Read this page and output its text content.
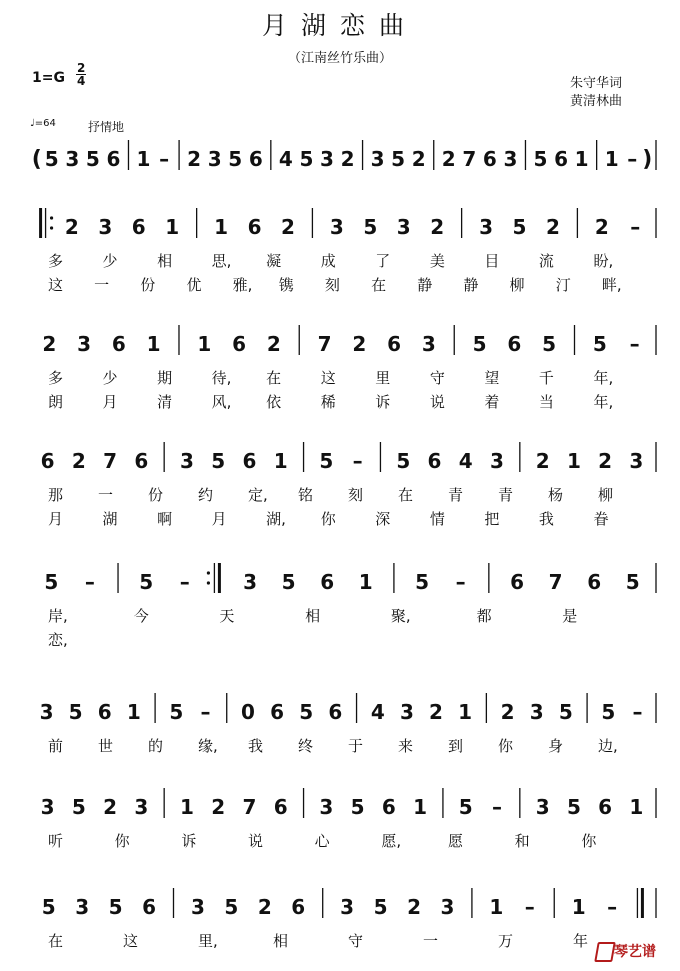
月湖恋曲
（江南丝竹乐曲）
1=G
2
4	朱守华词
黄清林曲
♩=64	抒情地
( 5 3 5 6 1 – 2 3 5 6 4 5 3 2 3 5 2 2 7 6 3 5 6 1 1 – )
2 3 6 1 1 6 2 3 5 3 2 3 5 2 2 –
多	少	相	思, 凝	成	了	美	目	流	盼,
这 一 份 优 雅, 镌 刻 在 静 静 柳 汀 畔,
2 3 6 1 1 6 2 7 2 6 3 5 6 5 5 –
多	少	期	待, 在	这	里	守	望	千	年,
朗	月	清	风, 依	稀	诉	说	着	当	年,
6 2 7 6 3 5 6 1 5 – 5 6 4 3 2 1 2 3
那 一 份 约 定, 铭 刻 在 青 青 杨 柳
月	湖	啊	月	湖, 你	深	情	把	我	眷
5 – 5 –	3 5 6 1 5 – 6 7 6 5
岸,	今	天	相	聚,	都	是
恋,
3 5 6 1 5 – 0 6 5 6 4 3 2 1 2 3 5 5 –
前 世 的 缘, 我 终 于 来 到 你 身 边,
3 5 2 3 1 2 7 6 3 5 6 1 5 – 3 5 6 1
听	你	诉	说	心	愿,	愿	和	你
5 3 5 6 3 5 2 6 3 5 2 3 1 – 1 –
在	这	里,	相	守	一	万	年
琴艺谱
